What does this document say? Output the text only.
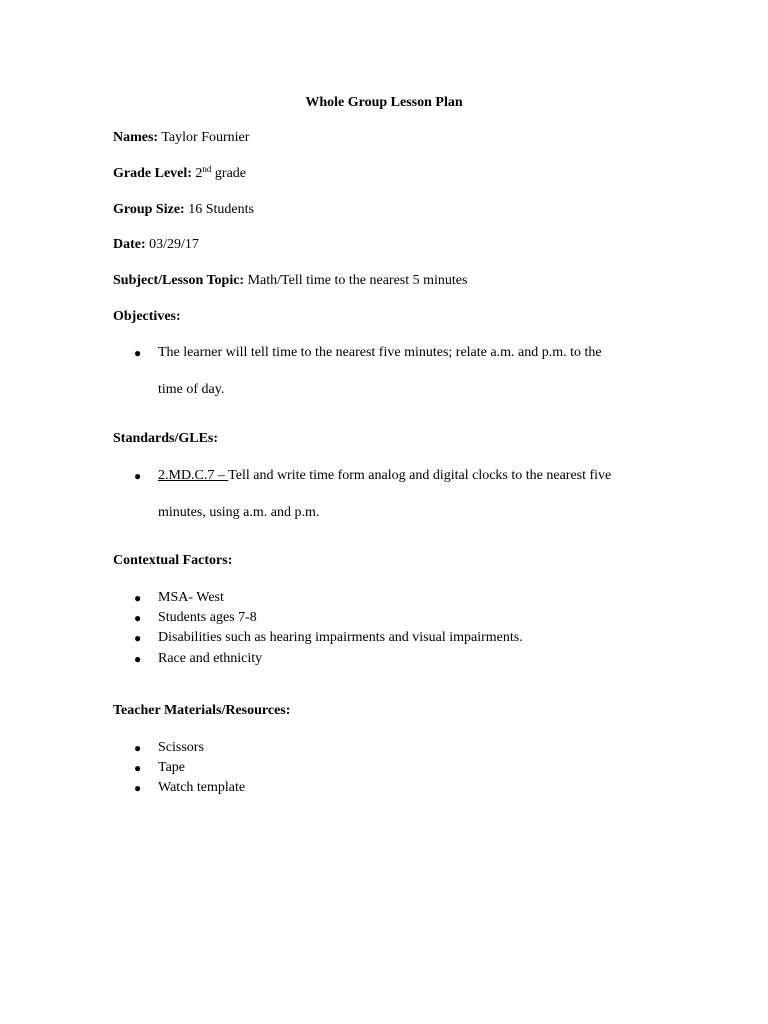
Whole Group Lesson Plan
Names: Taylor Fournier
Grade Level: 2nd grade
Group Size: 16 Students
Date: 03/29/17
Subject/Lesson Topic: Math/Tell time to the nearest 5 minutes
Objectives:
● The learner will tell time to the nearest five minutes; relate a.m. and p.m. to the
time of day.
Standards/GLEs:
● 2.MD.C.7 – Tell and write time form analog and digital clocks to the nearest five
minutes, using a.m. and p.m.
Contextual Factors:
● MSA- West
● Students ages 7-8
● Disabilities such as hearing impairments and visual impairments.
● Race and ethnicity
Teacher Materials/Resources:
● Scissors
● Tape
● Watch template
